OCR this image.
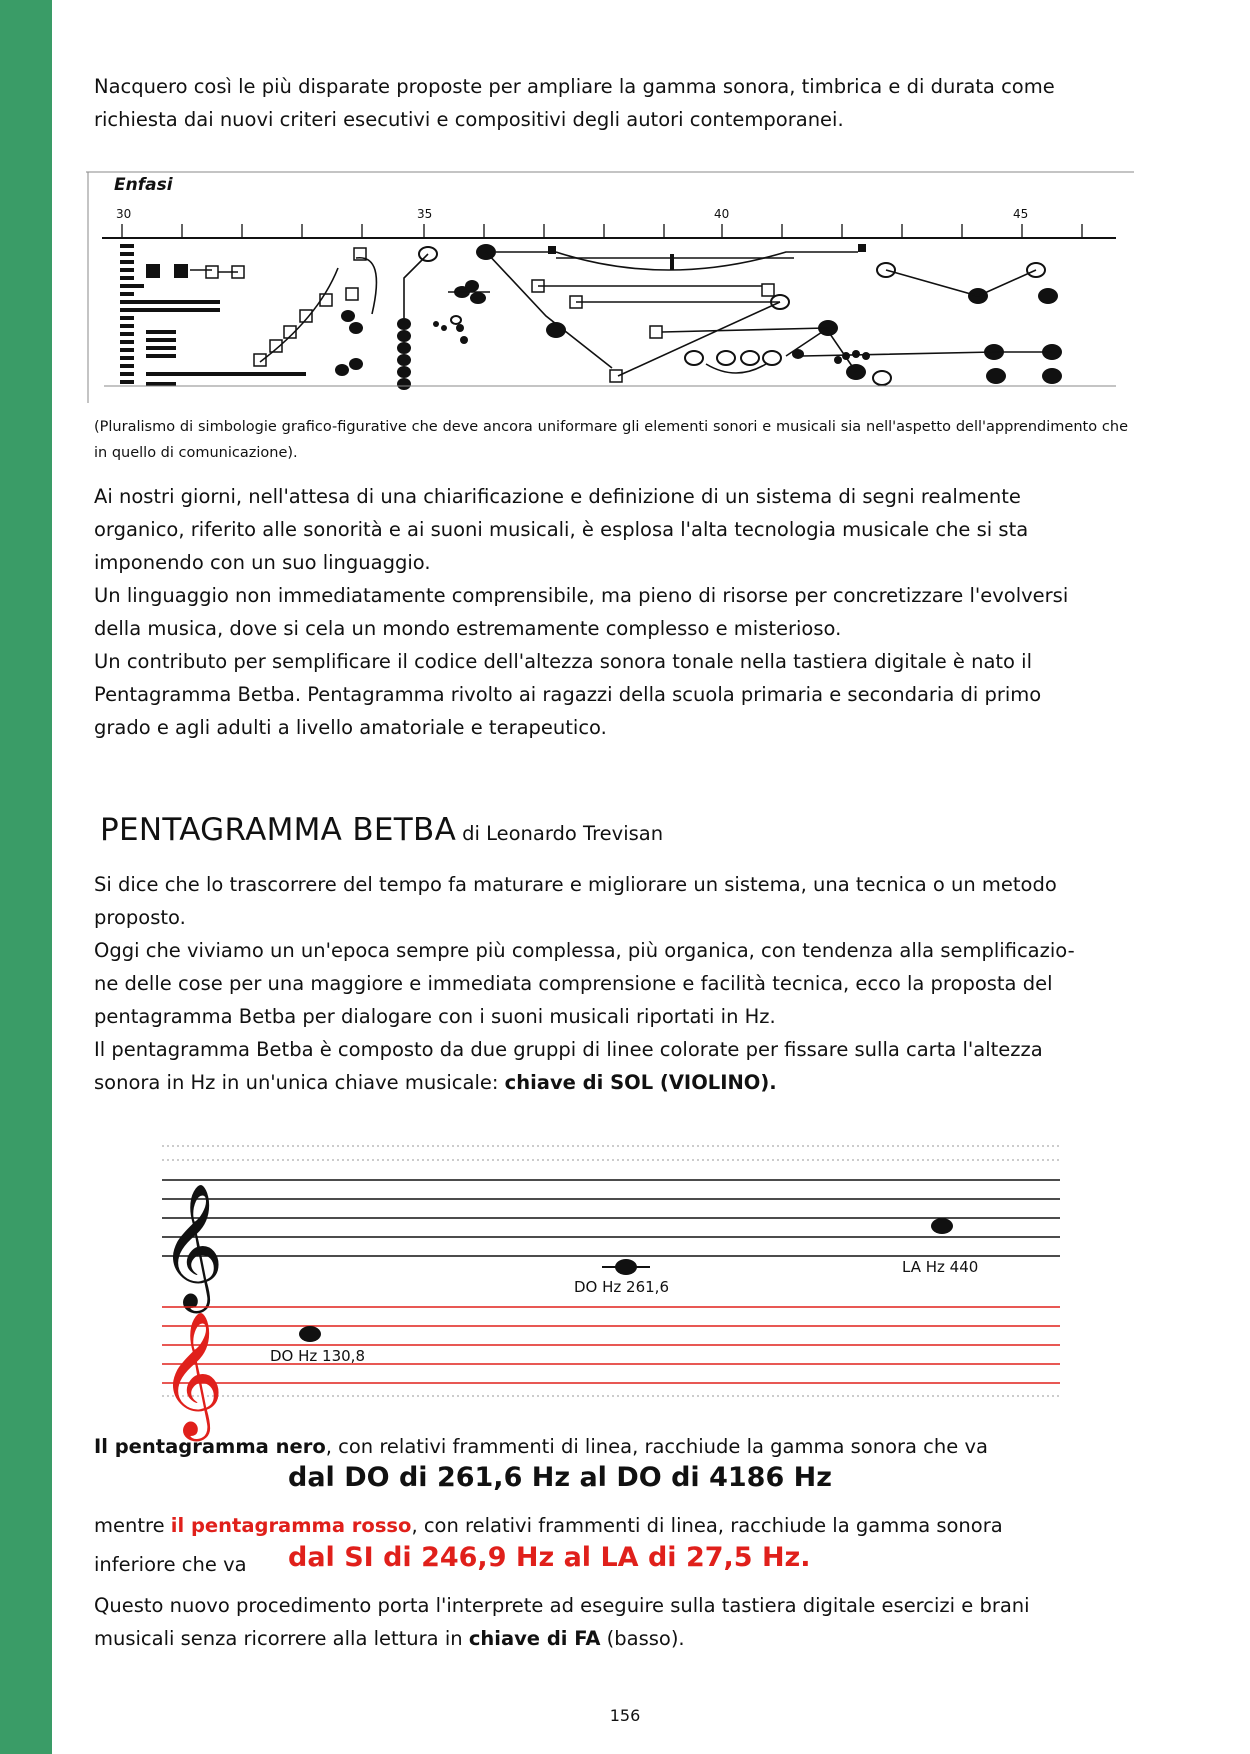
Nacquero così le più disparate proposte per ampliare la gamma sonora, timbrica e di durata come
richiesta dai nuovi criteri esecutivi e compositivi degli autori contemporanei.

Enfasi
30	35	40	45

(Pluralismo di simbologie grafico-figurative che deve ancora uniformare gli elementi sonori e musicali sia nell'aspetto dell'apprendimento che in quello di comunicazione).

Ai nostri giorni, nell'attesa di una chiarificazione e definizione di un sistema di segni realmente
organico, riferito alle sonorità e ai suoni musicali, è esplosa l'alta tecnologia musicale che si sta
imponendo con un suo linguaggio.
Un linguaggio non immediatamente comprensibile, ma pieno di risorse per concretizzare l'evolversi
della musica, dove si cela un mondo estremamente complesso e misterioso.
Un contributo per semplificare il codice dell'altezza sonora tonale nella tastiera digitale è nato il
Pentagramma Betba. Pentagramma rivolto ai ragazzi della scuola primaria e secondaria di primo
grado e agli adulti a livello amatoriale e terapeutico.

PENTAGRAMMA BETBA di Leonardo Trevisan

Si dice che lo trascorrere del tempo fa maturare e migliorare un sistema, una tecnica o un metodo
proposto.
Oggi che viviamo un un'epoca sempre più complessa, più organica, con tendenza alla semplificazio-
ne delle cose per una maggiore e immediata comprensione e facilità tecnica, ecco la proposta del
pentagramma Betba per dialogare con i suoni musicali riportati in Hz.
Il pentagramma Betba è composto da due gruppi di linee colorate per fissare sulla carta l'altezza
sonora in Hz in un'unica chiave musicale: chiave di SOL (VIOLINO).

𝄞	DO Hz 261,6
LA Hz 440
𝄞	DO Hz 130,8

Il pentagramma nero, con relativi frammenti di linea, racchiude la gamma sonora che va

dal DO di 261,6 Hz al DO di 4186 Hz

mentre il pentagramma rosso, con relativi frammenti di linea, racchiude la gamma sonora

inferiore che va	dal SI di 246,9 Hz al LA di 27,5 Hz.

Questo nuovo procedimento porta l'interprete ad eseguire sulla tastiera digitale esercizi e brani
musicali senza ricorrere alla lettura in chiave di FA (basso).

156
